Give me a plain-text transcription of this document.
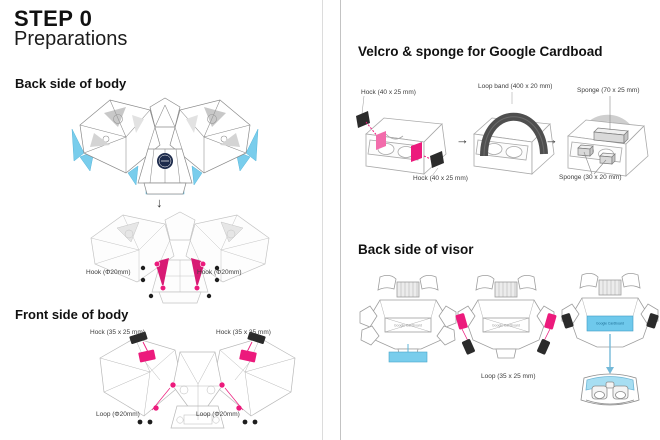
STEP 0
Preparations
Back side of body
↓
Hook (Φ20mm)	Hook (Φ20mm)
Front side of body
Hock (35 x 25 mm)	Hock (35 x 25 mm)
Loop (Φ20mm)	Loop (Φ20mm)
Velcro & sponge for Google Cardboad
Hock (40 x 25 mm)
Hock (40 x 25 mm)
→
Loop band (400 x 20 mm)
→
Sponge (70 x 25 mm)
Sponge (30 x 20 mm)
Back side of visor
Google Cardboard	Google Cardboard
Loop (35 x 25 mm)
Google Cardboard
